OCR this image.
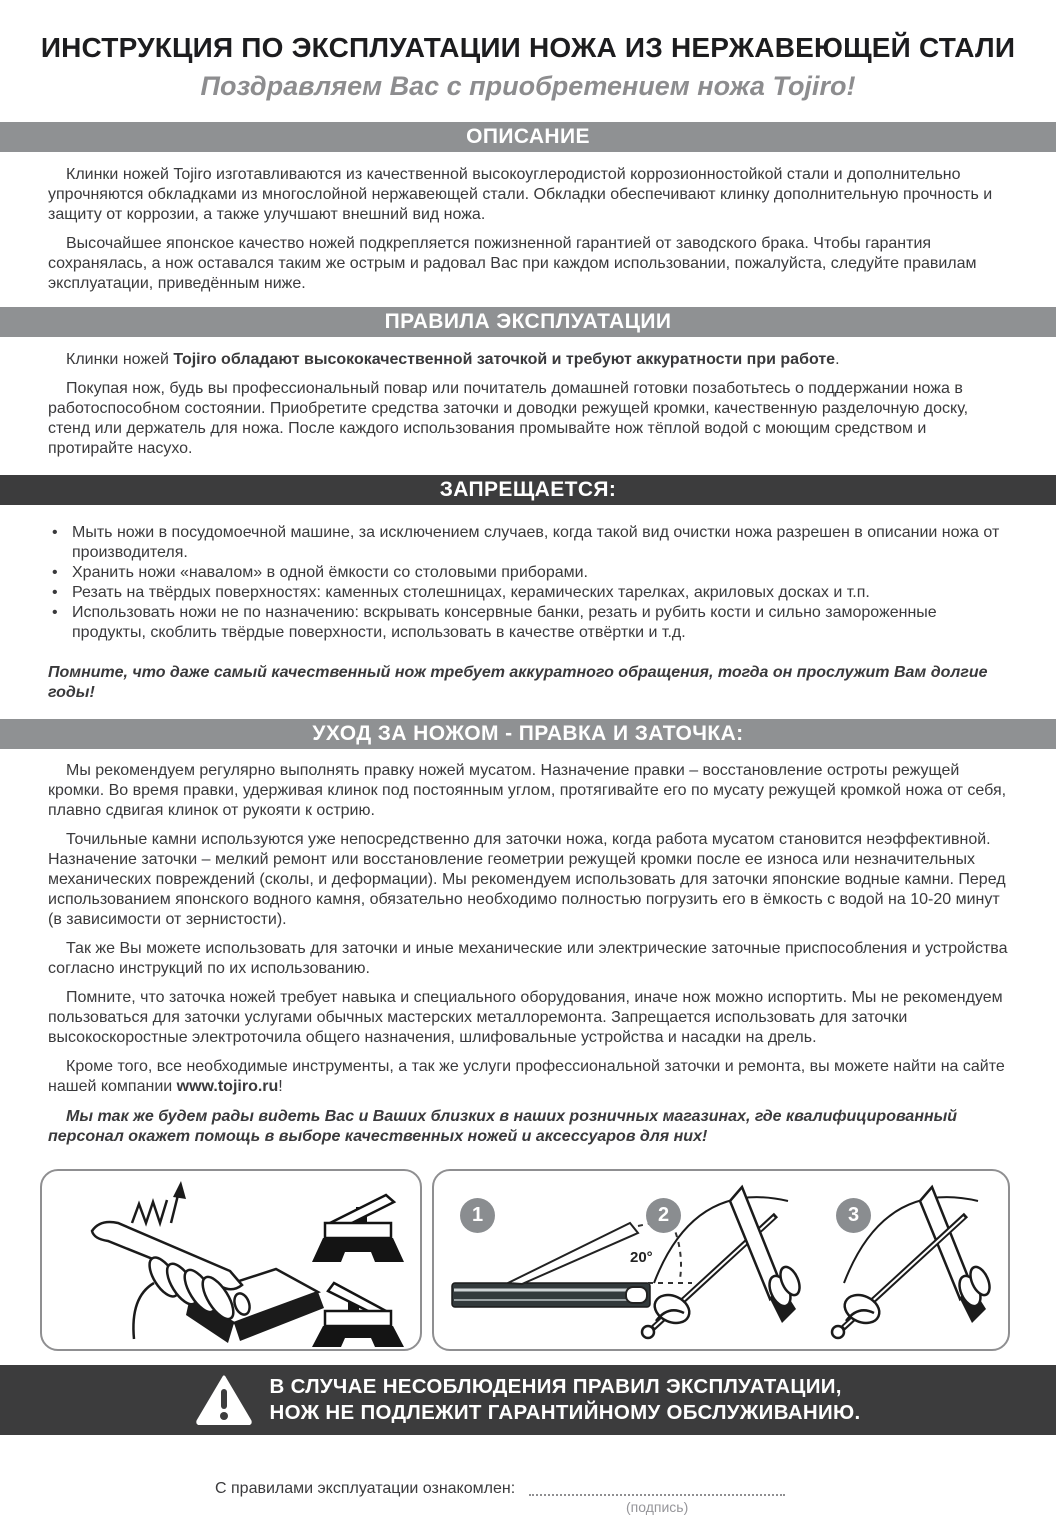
ИНСТРУКЦИЯ ПО ЭКСПЛУАТАЦИИ НОЖА ИЗ НЕРЖАВЕЮЩЕЙ СТАЛИ
Поздравляем Вас с приобретением ножа Tojiro!
ОПИСАНИЕ

Клинки ножей Tojiro изготавливаются из качественной высокоуглеродистой коррозионностойкой стали и дополнительно упрочняются обкладками из многослойной нержавеющей стали. Обкладки обеспечивают клинку дополнительную прочность и защиту от коррозии, а также улучшают внешний вид ножа.

Высочайшее японское качество ножей подкрепляется пожизненной гарантией от заводского брака. Чтобы гарантия сохранялась, а нож оставался таким же острым и радовал Вас при каждом использовании, пожалуйста, следуйте правилам эксплуатации, приведённым ниже.

ПРАВИЛА ЭКСПЛУАТАЦИИ

Клинки ножей Tojiro обладают высококачественной заточкой и требуют аккуратности при работе.

Покупая нож, будь вы профессиональный повар или почитатель домашней готовки позаботьтесь о поддержании ножа в работоспособном состоянии. Приобретите средства заточки и доводки режущей кромки, качественную разделочную доску, стенд или держатель для ножа. После каждого использования промывайте нож тёплой водой с моющим средством и протирайте насухо.

ЗАПРЕЩАЕТСЯ:
• Мыть ножи в посудомоечной машине, за исключением случаев, когда такой вид очистки ножа разрешен в описании ножа от производителя.
• Хранить ножи «навалом» в одной ёмкости со столовыми приборами.
• Резать на твёрдых поверхностях: каменных столешницах, керамических тарелках, акриловых досках и т.п.
• Использовать ножи не по назначению: вскрывать консервные банки, резать и рубить кости и сильно замороженные продукты, скоблить твёрдые поверхности, использовать в качестве отвёртки и т.д.

Помните, что даже самый качественный нож требует аккуратного обращения, тогда он прослужит Вам долгие годы!

УХОД ЗА НОЖОМ - ПРАВКА И ЗАТОЧКА:

Мы рекомендуем регулярно выполнять правку ножей мусатом. Назначение правки – восстановление остроты режущей кромки. Во время правки, удерживая клинок под постоянным углом, протягивайте его по мусату режущей кромкой ножа от себя, плавно сдвигая клинок от рукояти к острию.

Точильные камни используются уже непосредственно для заточки ножа, когда работа мусатом становится неэффективной. Назначение заточки – мелкий ремонт или восстановление геометрии режущей кромки после ее износа или незначительных механических повреждений (сколы, и деформации). Мы рекомендуем использовать для заточки японские водные камни. Перед использованием японского водного камня, обязательно необходимо полностью погрузить его в ёмкость с водой на 10-20 минут (в зависимости от зернистости).

Так же Вы можете использовать для заточки и иные механические или электрические заточные приспособления и устройства согласно инструкций по их использованию.

Помните, что заточка ножей требует навыка и специального оборудования, иначе нож можно испортить. Мы не рекомендуем пользоваться для заточки услугами обычных мастерских металлоремонта. Запрещается использовать для заточки высокоскоростные электроточила общего назначения, шлифовальные устройства и насадки на дрель.

Кроме того, все необходимые инструменты, а так же услуги профессиональной заточки и ремонта, вы можете найти на сайте нашей компании www.tojiro.ru!

Мы так же будем рады видеть Вас и Ваших близких в наших розничных магазинах, где квалифицированный персонал окажет помощь в выборе качественных ножей и аксессуаров для них!

1	2	3
20°
В СЛУЧАЕ НЕСОБЛЮДЕНИЯ ПРАВИЛ ЭКСПЛУАТАЦИИ,
НОЖ НЕ ПОДЛЕЖИТ ГАРАНТИЙНОМУ ОБСЛУЖИВАНИЮ.
С правилами эксплуатации ознакомлен:
(подпись)
